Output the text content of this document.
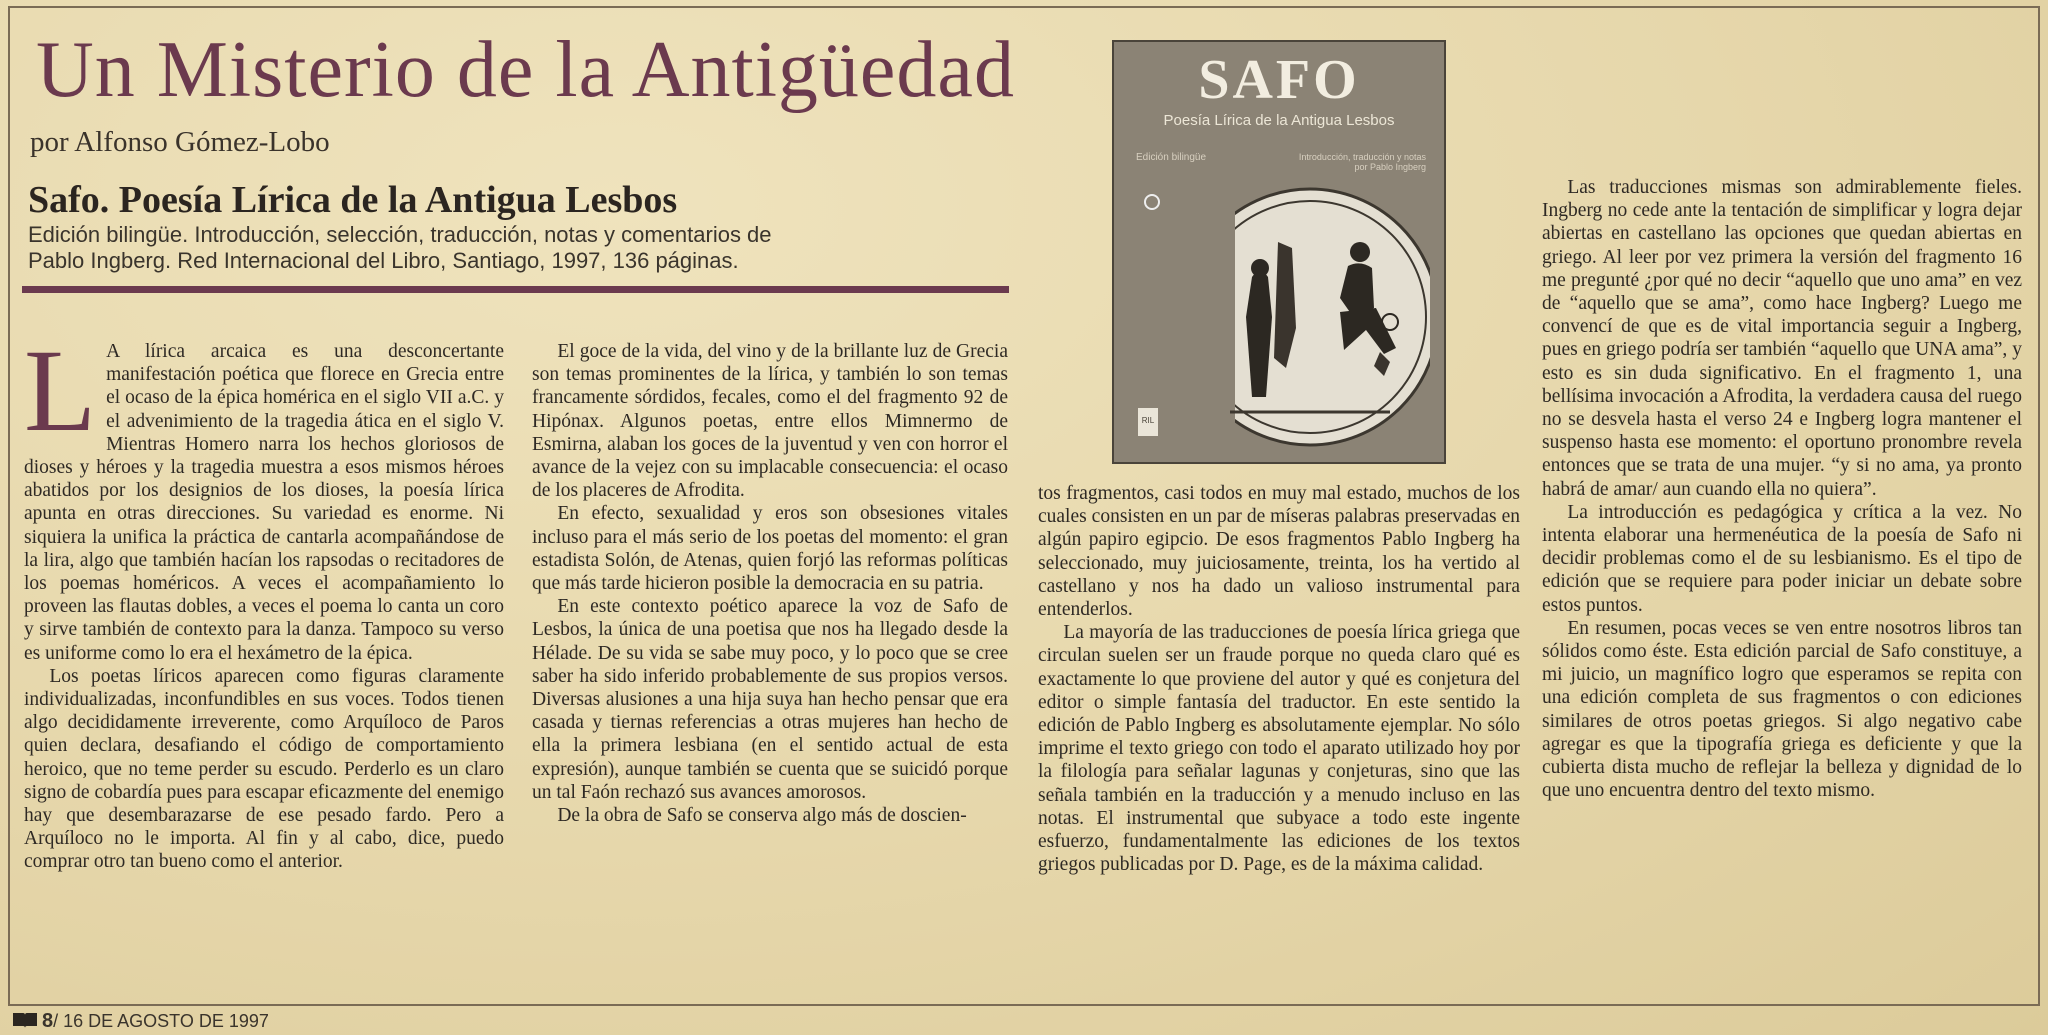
Un Misterio de la Antigüedad
por Alfonso Gómez-Lobo
Safo. Poesía Lírica de la Antigua Lesbos
Edición bilingüe. Introducción, selección, traducción, notas y comentarios de Pablo Ingberg. Red Internacional del Libro, Santiago, 1997, 136 páginas.
SAFO
Poesía Lírica de la Antigua Lesbos
Edición bilingüe	Introducción, traducción y notas por Pablo Ingberg
RIL
L A lírica arcaica es una desconcertante manifestación poética que florece en Grecia entre el ocaso de la épica homérica en el siglo VII a.C. y el advenimiento de la tragedia ática en el siglo V. Mientras Homero narra los hechos gloriosos de dioses y héroes y la tragedia muestra a esos mismos héroes abatidos por los designios de los dioses, la poesía lírica apunta en otras direcciones. Su variedad es enorme. Ni siquiera la unifica la práctica de cantarla acompañándose de la lira, algo que también hacían los rapsodas o recitadores de los poemas homéricos. A veces el acompañamiento lo proveen las flautas dobles, a veces el poema lo canta un coro y sirve también de contexto para la danza. Tampoco su verso es uniforme como lo era el hexámetro de la épica.

Los poetas líricos aparecen como figuras claramente individualizadas, inconfundibles en sus voces. Todos tienen algo decididamente irreverente, como Arquíloco de Paros quien declara, desafiando el código de comportamiento heroico, que no teme perder su escudo. Perderlo es un claro signo de cobardía pues para escapar eficazmente del enemigo hay que desembarazarse de ese pesado fardo. Pero a Arquíloco no le importa. Al fin y al cabo, dice, puedo comprar otro tan bueno como el anterior.

El goce de la vida, del vino y de la brillante luz de Grecia son temas prominentes de la lírica, y también lo son temas francamente sórdidos, fecales, como el del fragmento 92 de Hipónax. Algunos poetas, entre ellos Mimnermo de Esmirna, alaban los goces de la juventud y ven con horror el avance de la vejez con su implacable consecuencia: el ocaso de los placeres de Afrodita.

En efecto, sexualidad y eros son obsesiones vitales incluso para el más serio de los poetas del momento: el gran estadista Solón, de Atenas, quien forjó las reformas políticas que más tarde hicieron posible la democracia en su patria.

En este contexto poético aparece la voz de Safo de Lesbos, la única de una poetisa que nos ha llegado desde la Hélade. De su vida se sabe muy poco, y lo poco que se cree saber ha sido inferido probablemente de sus propios versos. Diversas alusiones a una hija suya han hecho pensar que era casada y tiernas referencias a otras mujeres han hecho de ella la primera lesbiana (en el sentido actual de esta expresión), aunque también se cuenta que se suicidó porque un tal Faón rechazó sus avances amorosos.

De la obra de Safo se conserva algo más de doscien-

tos fragmentos, casi todos en muy mal estado, muchos de los cuales consisten en un par de míseras palabras preservadas en algún papiro egipcio. De esos fragmentos Pablo Ingberg ha seleccionado, muy juiciosamente, treinta, los ha vertido al castellano y nos ha dado un valioso instrumental para entenderlos.

La mayoría de las traducciones de poesía lírica griega que circulan suelen ser un fraude porque no queda claro qué es exactamente lo que proviene del autor y qué es conjetura del editor o simple fantasía del traductor. En este sentido la edición de Pablo Ingberg es absolutamente ejemplar. No sólo imprime el texto griego con todo el aparato utilizado hoy por la filología para señalar lagunas y conjeturas, sino que las señala también en la traducción y a menudo incluso en las notas. El instrumental que subyace a todo este ingente esfuerzo, fundamentalmente las ediciones de los textos griegos publicadas por D. Page, es de la máxima calidad.

Las traducciones mismas son admirablemente fieles. Ingberg no cede ante la tentación de simplificar y logra dejar abiertas en castellano las opciones que quedan abiertas en griego. Al leer por vez primera la versión del fragmento 16 me pregunté ¿por qué no decir “aquello que uno ama” en vez de “aquello que se ama”, como hace Ingberg? Luego me convencí de que es de vital importancia seguir a Ingberg, pues en griego podría ser también “aquello que UNA ama”, y esto es sin duda significativo. En el fragmento 1, una bellísima invocación a Afrodita, la verdadera causa del ruego no se desvela hasta el verso 24 e Ingberg logra mantener el suspenso hasta ese momento: el oportuno pronombre revela entonces que se trata de una mujer. “y si no ama, ya pronto habrá de amar/ aun cuando ella no quiera”.

La introducción es pedagógica y crítica a la vez. No intenta elaborar una hermenéutica de la poesía de Safo ni decidir problemas como el de su lesbianismo. Es el tipo de edición que se requiere para poder iniciar un debate sobre estos puntos.

En resumen, pocas veces se ven entre nosotros libros tan sólidos como éste. Esta edición parcial de Safo constituye, a mi juicio, un magnífico logro que esperamos se repita con una edición completa de sus fragmentos o con ediciones similares de otros poetas griegos. Si algo negativo cabe agregar es que la tipografía griega es deficiente y que la cubierta dista mucho de reflejar la belleza y dignidad de lo que uno encuentra dentro del texto mismo.

8/ 16 DE AGOSTO DE 1997
